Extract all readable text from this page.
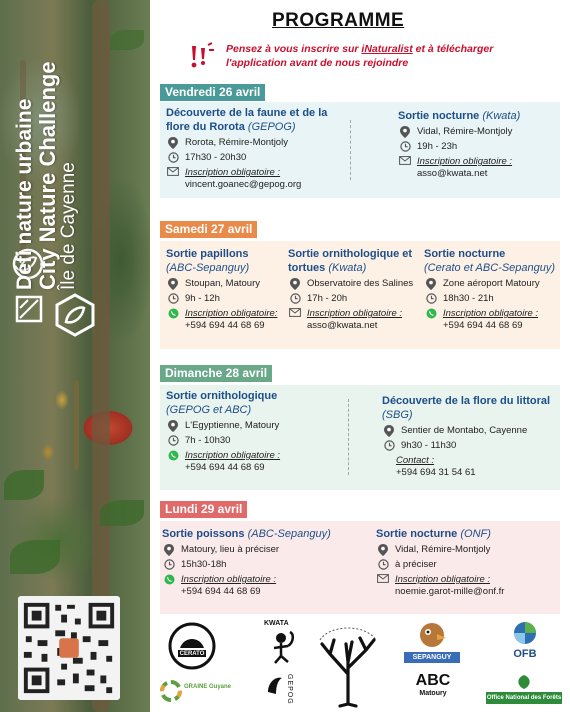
Défi nature urbaine City Nature Challenge
Île de Cayenne
PROGRAMME
Pensez à vous inscrire sur iNaturalist et à télécharger l'application avant de nous rejoindre
Vendredi 26 avril
Découverte de la faune et de la flore du Rorota (GEPOG)
Rorota, Rémire-Montjoly
17h30 - 20h30
Inscription obligatoire :
vincent.goanec@gepog.org
Sortie nocturne (Kwata)
Vidal, Rémire-Montjoly
19h - 23h
Inscription obligatoire :
asso@kwata.net
Samedi 27 avril
Sortie papillons
(ABC-Sepanguy)
Stoupan, Matoury
9h - 12h
Inscription obligatoire:
+594 694 44 68 69
Sortie ornithologique et tortues (Kwata)
Observatoire des Salines
17h - 20h
Inscription obligatoire :
asso@kwata.net
Sortie nocturne
(Cerato et ABC-Sepanguy)
Zone aéroport Matoury
18h30 - 21h
Inscription obligatoire :
+594 694 44 68 69
Dimanche 28 avril
Sortie ornithologique
(GEPOG et ABC)
L'Egyptienne, Matoury
7h - 10h30
Inscription obligatoire :
+594 694 44 68 69
Découverte de la flore du littoral (SBG)
Sentier de Montabo, Cayenne
9h30 - 11h30
Contact :
+594 694 31 54 61
Lundi 29 avril
Sortie poissons (ABC-Sepanguy)
Matoury, lieu à préciser
15h30-18h
Inscription obligatoire :
+594 694 44 68 69
Sortie nocturne (ONF)
Vidal, Rémire-Montjoly
à préciser
Inscription obligatoire :
noemie.garot-mille@onf.fr
CERATO
GRAINE Guyane
KWATA
GEPOG
SEPANGUY
ABC
Matoury
OFB
Office National des Forêts
